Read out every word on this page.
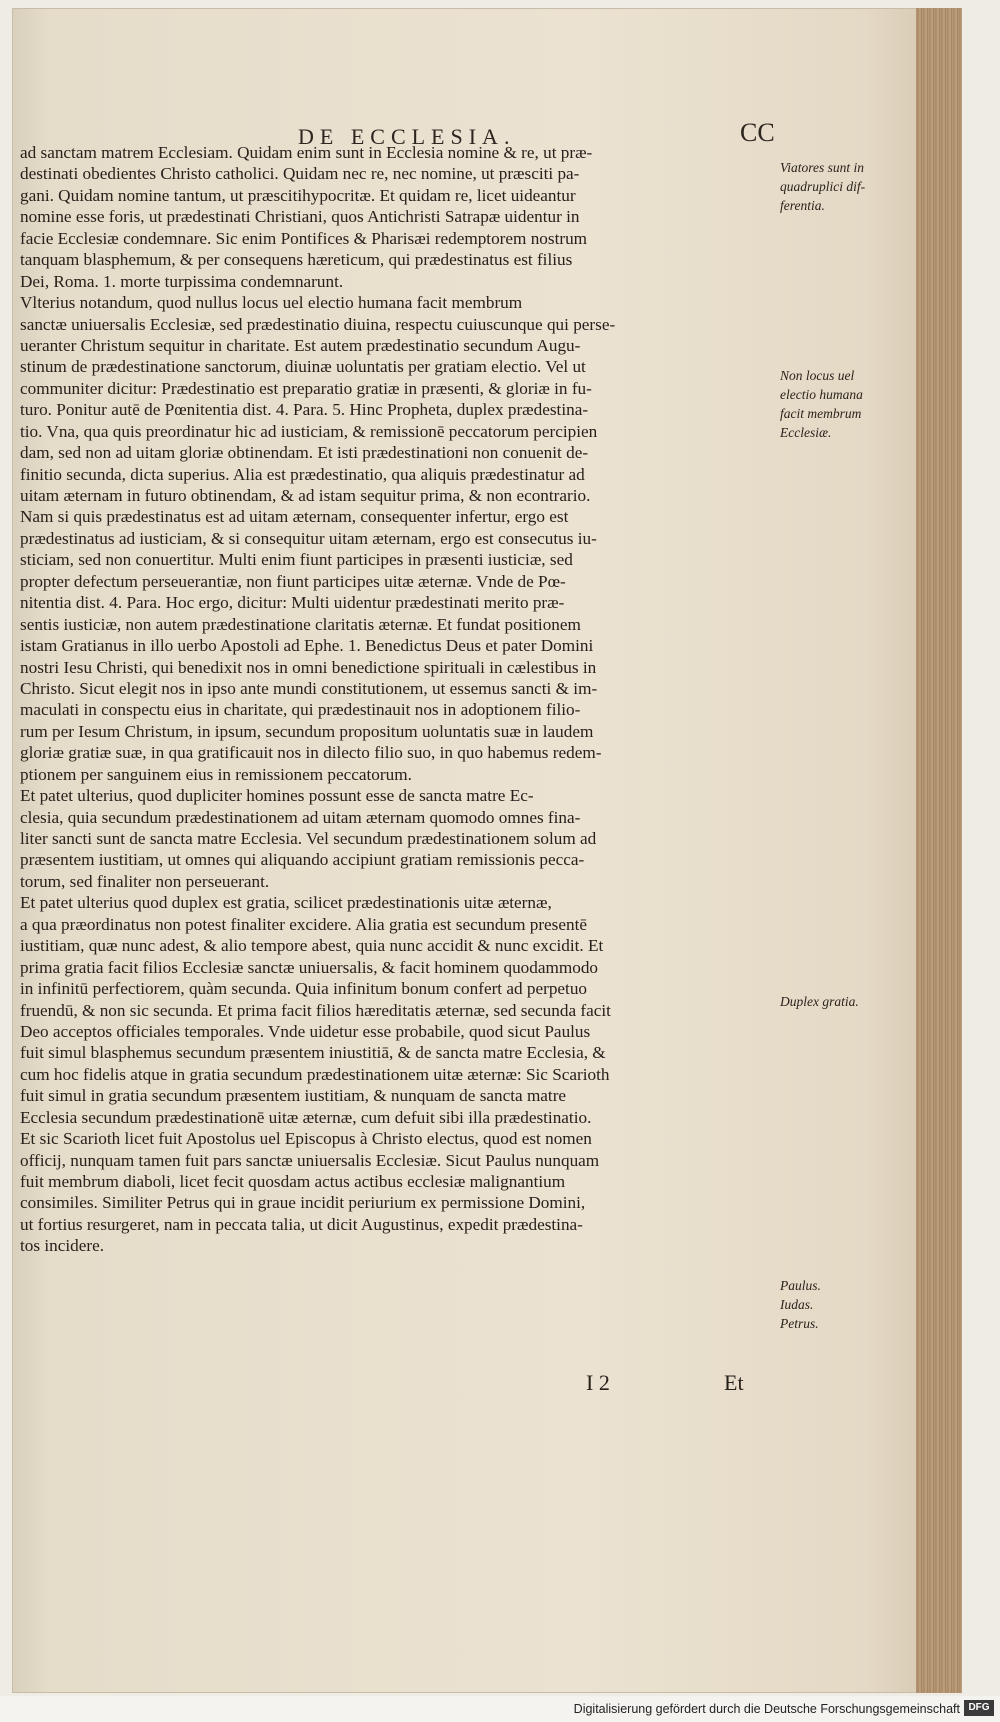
DE ECCLESIA.	CC
ad sanctam matrem Ecclesiam. Quidam enim sunt in Ecclesia nomine & re, ut præ-
destinati obedientes Christo catholici. Quidam nec re, nec nomine, ut præsciti pa-
gani. Quidam nomine tantum, ut præscitihypocritæ. Et quidam re, licet uideantur
nomine esse foris, ut prædestinati Christiani, quos Antichristi Satrapæ uidentur in
facie Ecclesiæ condemnare. Sic enim Pontifices & Pharisæi redemptorem nostrum
tanquam blasphemum, & per consequens hæreticum, qui prædestinatus est filius
Dei, Roma. 1. morte turpissima condemnarunt.
Vlterius notandum, quod nullus locus uel electio humana facit membrum
sanctæ uniuersalis Ecclesiæ, sed prædestinatio diuina, respectu cuiuscunque qui perse-
ueranter Christum sequitur in charitate. Est autem prædestinatio secundum Augu-
stinum de prædestinatione sanctorum, diuinæ uoluntatis per gratiam electio. Vel ut
communiter dicitur: Prædestinatio est preparatio gratiæ in præsenti, & gloriæ in fu-
turo. Ponitur autē de Pœnitentia dist. 4. Para. 5. Hinc Propheta, duplex prædestina-
tio. Vna, qua quis preordinatur hic ad iusticiam, & remissionē peccatorum percipien
dam, sed non ad uitam gloriæ obtinendam. Et isti prædestinationi non conuenit de-
finitio secunda, dicta superius. Alia est prædestinatio, qua aliquis prædestinatur ad
uitam æternam in futuro obtinendam, & ad istam sequitur prima, & non econtrario.
Nam si quis prædestinatus est ad uitam æternam, consequenter infertur, ergo est
prædestinatus ad iusticiam, & si consequitur uitam æternam, ergo est consecutus iu-
sticiam, sed non conuertitur. Multi enim fiunt participes in præsenti iusticiæ, sed
propter defectum perseuerantiæ, non fiunt participes uitæ æternæ. Vnde de Pœ-
nitentia dist. 4. Para. Hoc ergo, dicitur: Multi uidentur prædestinati merito præ-
sentis iusticiæ, non autem prædestinatione claritatis æternæ. Et fundat positionem
istam Gratianus in illo uerbo Apostoli ad Ephe. 1. Benedictus Deus et pater Domini
nostri Iesu Christi, qui benedixit nos in omni benedictione spirituali in cælestibus in
Christo. Sicut elegit nos in ipso ante mundi constitutionem, ut essemus sancti & im-
maculati in conspectu eius in charitate, qui prædestinauit nos in adoptionem filio-
rum per Iesum Christum, in ipsum, secundum propositum uoluntatis suæ in laudem
gloriæ gratiæ suæ, in qua gratificauit nos in dilecto filio suo, in quo habemus redem-
ptionem per sanguinem eius in remissionem peccatorum.
Et patet ulterius, quod dupliciter homines possunt esse de sancta matre Ec-
clesia, quia secundum prædestinationem ad uitam æternam quomodo omnes fina-
liter sancti sunt de sancta matre Ecclesia. Vel secundum prædestinationem solum ad
præsentem iustitiam, ut omnes qui aliquando accipiunt gratiam remissionis pecca-
torum, sed finaliter non perseuerant.
Et patet ulterius quod duplex est gratia, scilicet prædestinationis uitæ æternæ,
a qua præordinatus non potest finaliter excidere. Alia gratia est secundum presentē
iustitiam, quæ nunc adest, & alio tempore abest, quia nunc accidit & nunc excidit. Et
prima gratia facit filios Ecclesiæ sanctæ uniuersalis, & facit hominem quodammodo
in infinitū perfectiorem, quàm secunda. Quia infinitum bonum confert ad perpetuo
fruendū, & non sic secunda. Et prima facit filios hæreditatis æternæ, sed secunda facit
Deo acceptos officiales temporales. Vnde uidetur esse probabile, quod sicut Paulus
fuit simul blasphemus secundum præsentem iniustitiā, & de sancta matre Ecclesia, &
cum hoc fidelis atque in gratia secundum prædestinationem uitæ æternæ: Sic Scarioth
fuit simul in gratia secundum præsentem iustitiam, & nunquam de sancta matre
Ecclesia secundum prædestinationē uitæ æternæ, cum defuit sibi illa prædestinatio.
Et sic Scarioth licet fuit Apostolus uel Episcopus à Christo electus, quod est nomen
officij, nunquam tamen fuit pars sanctæ uniuersalis Ecclesiæ. Sicut Paulus nunquam
fuit membrum diaboli, licet fecit quosdam actus actibus ecclesiæ malignantium
consimiles. Similiter Petrus qui in graue incidit periurium ex permissione Domini,
ut fortius resurgeret, nam in peccata talia, ut dicit Augustinus, expedit prædestina-
tos incidere.
Viatores sunt in
quadruplici dif-
ferentia.
Non locus uel
electio humana
facit membrum
Ecclesiæ.
Duplex gratia.
Paulus.
Iudas.
Petrus.
I 2	Et
Digitalisierung gefördert durch die Deutsche Forschungsgemeinschaft DFG
